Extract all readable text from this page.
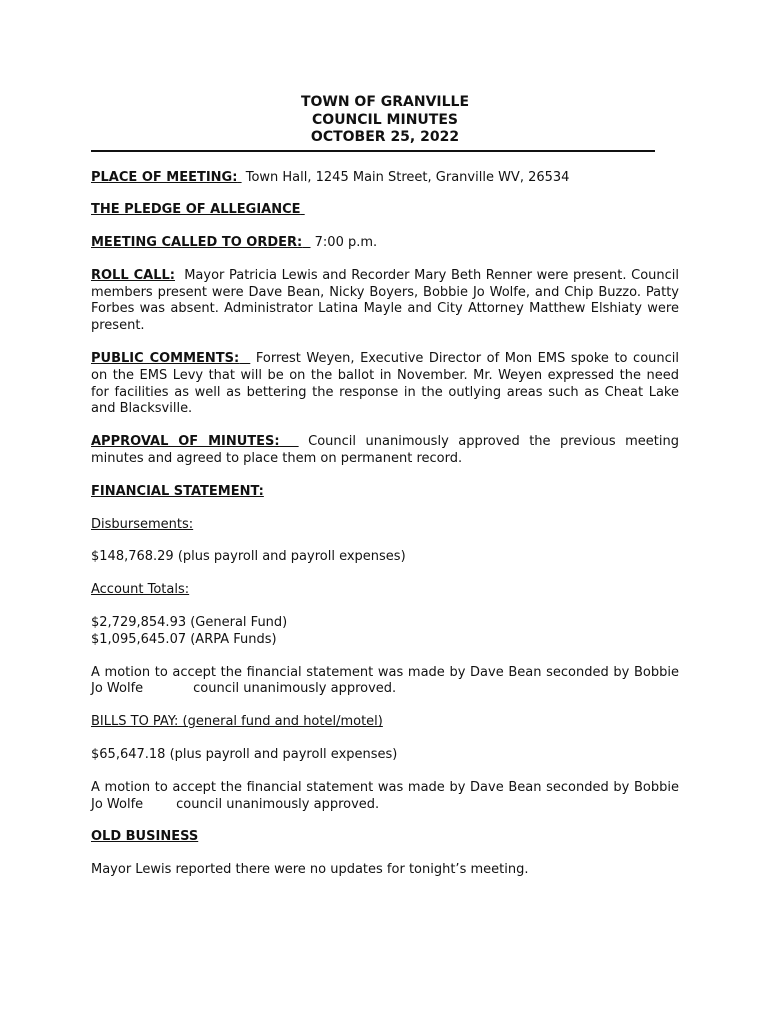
TOWN OF GRANVILLE
COUNCIL MINUTES
OCTOBER 25, 2022

PLACE OF MEETING: Town Hall, 1245 Main Street, Granville WV, 26534

THE PLEDGE OF ALLEGIANCE

MEETING CALLED TO ORDER: 7:00 p.m.

ROLL CALL: Mayor Patricia Lewis and Recorder Mary Beth Renner were present. Council members present were Dave Bean, Nicky Boyers, Bobbie Jo Wolfe, and Chip Buzzo. Patty Forbes was absent. Administrator Latina Mayle and City Attorney Matthew Elshiaty were present.

PUBLIC COMMENTS: Forrest Weyen, Executive Director of Mon EMS spoke to council on the EMS Levy that will be on the ballot in November. Mr. Weyen expressed the need for facilities as well as bettering the response in the outlying areas such as Cheat Lake and Blacksville.

APPROVAL OF MINUTES: Council unanimously approved the previous meeting minutes and agreed to place them on permanent record.

FINANCIAL STATEMENT:

Disbursements:

$148,768.29 (plus payroll and payroll expenses)

Account Totals:

$2,729,854.93 (General Fund)

$1,095,645.07 (ARPA Funds)

A motion to accept the financial statement was made by Dave Bean seconded by Bobbie Jo Wolfe	council unanimously approved.

BILLS TO PAY: (general fund and hotel/motel)

$65,647.18 (plus payroll and payroll expenses)

A motion to accept the financial statement was made by Dave Bean seconded by Bobbie Jo Wolfe	council unanimously approved.

OLD BUSINESS

Mayor Lewis reported there were no updates for tonight’s meeting.
